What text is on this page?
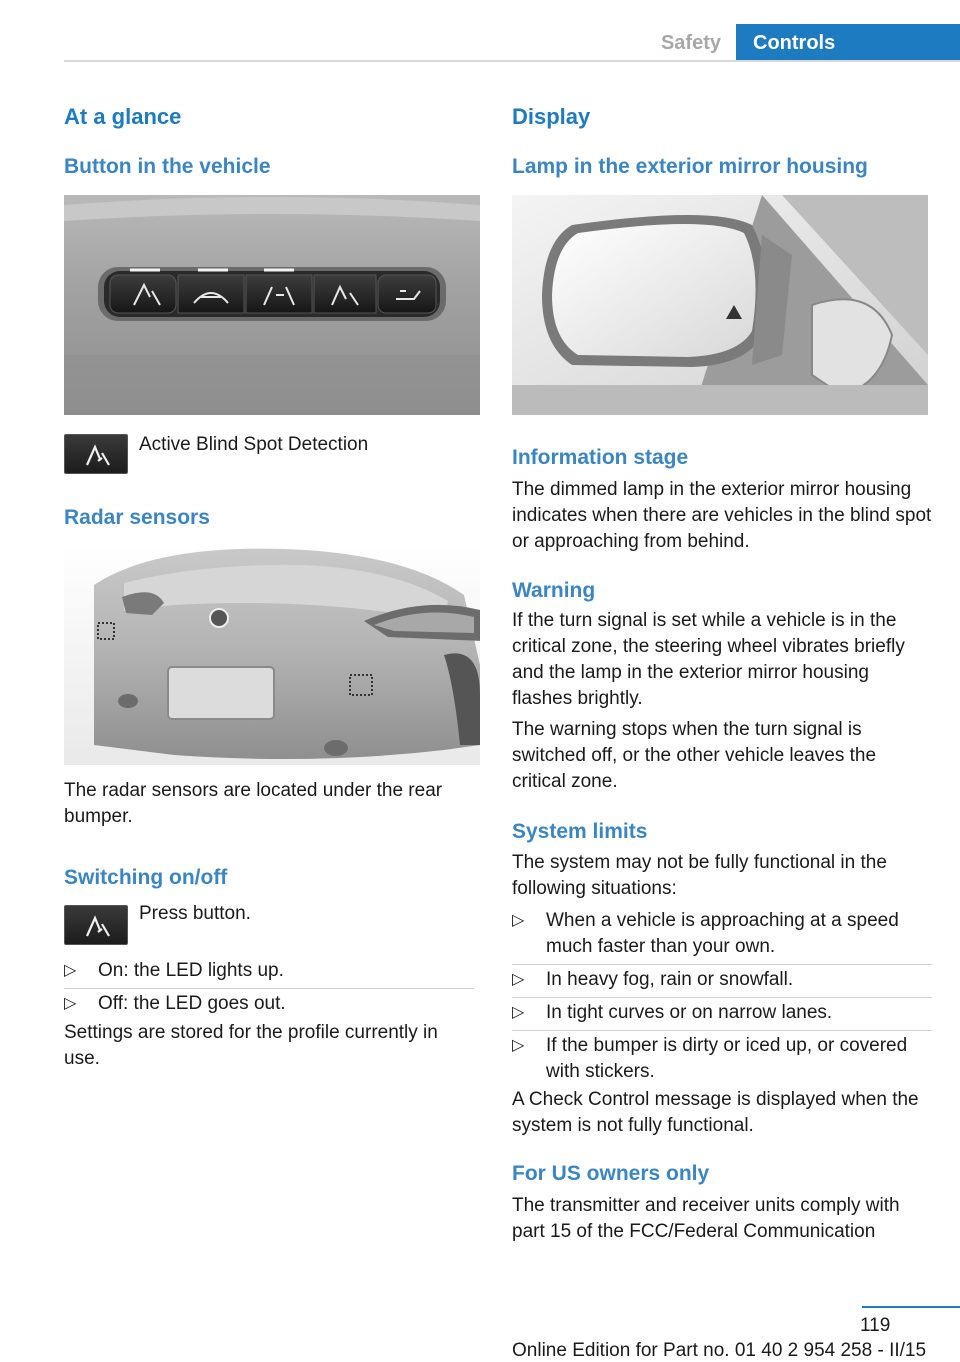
Safety	Controls
At a glance
Button in the vehicle

Active Blind Spot Detection

Radar sensors

The radar sensors are located under the rear bumper.

Switching on/off

Press button.

▷ On: the LED lights up.
▷ Off: the LED goes out.

Settings are stored for the profile currently in use.

Display
Lamp in the exterior mirror housing
Information stage

The dimmed lamp in the exterior mirror housing indicates when there are vehicles in the blind spot or approaching from behind.

Warning

If the turn signal is set while a vehicle is in the critical zone, the steering wheel vibrates briefly and the lamp in the exterior mirror housing flashes brightly.

The warning stops when the turn signal is switched off, or the other vehicle leaves the critical zone.

System limits

The system may not be fully functional in the following situations:

▷ When a vehicle is approaching at a speed much faster than your own.
▷ In heavy fog, rain or snowfall.
▷ In tight curves or on narrow lanes.
▷ If the bumper is dirty or iced up, or covered with stickers.

A Check Control message is displayed when the system is not fully functional.

For US owners only

The transmitter and receiver units comply with part 15 of the FCC/Federal Communication

119
Online Edition for Part no. 01 40 2 954 258 - II/15
